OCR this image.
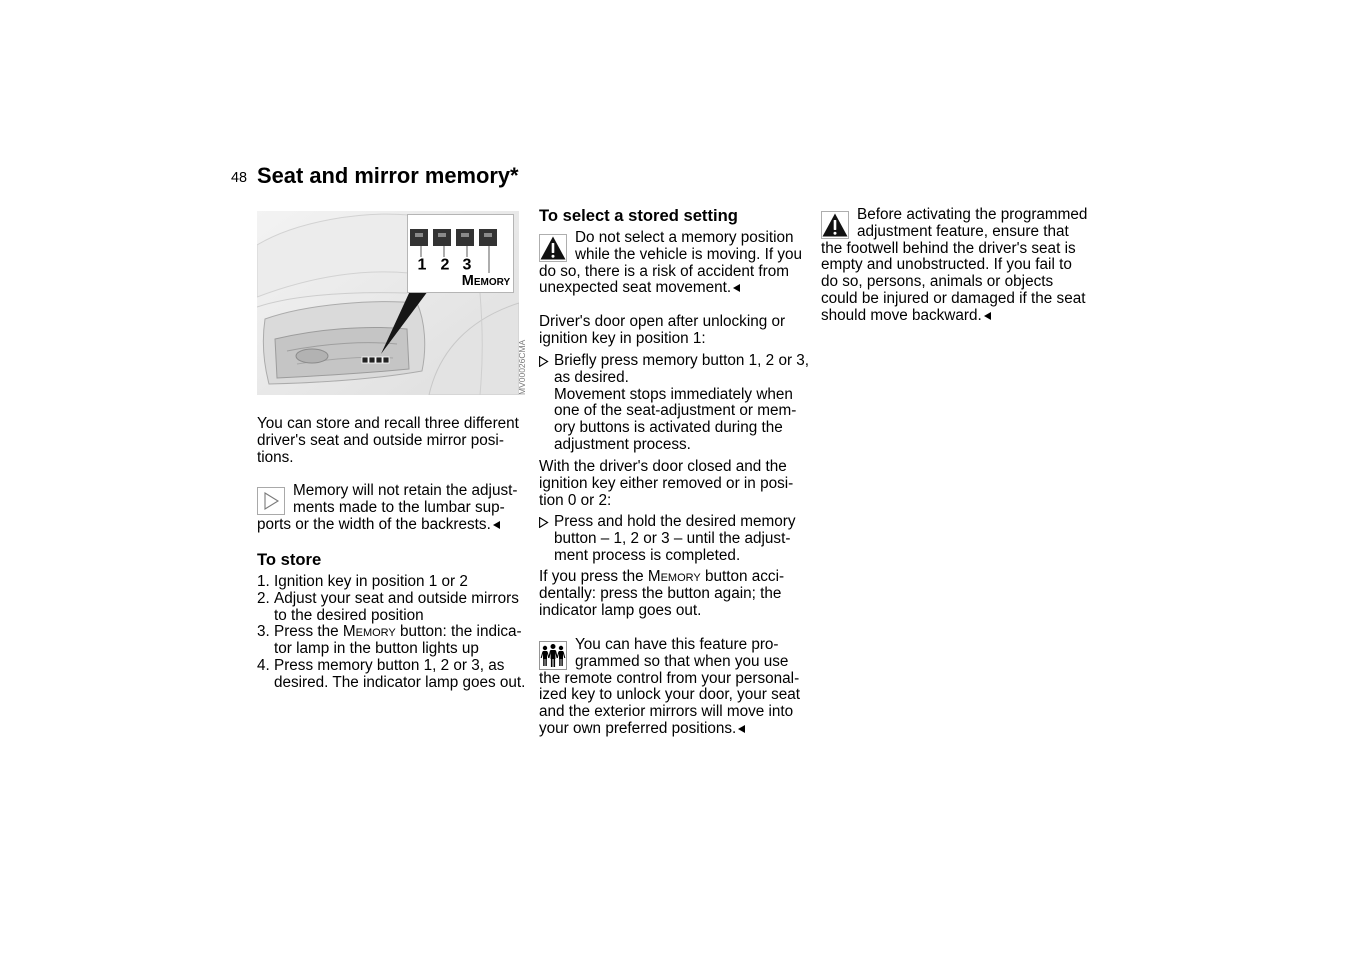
48 Seat and mirror memory*
1 2 3
Memory
MV00026CMA
You can store and recall three different
driver's seat and outside mirror posi-
tions.
Memory will not retain the adjust-
ments made to the lumbar sup-
ports or the width of the backrests.
To store
1. Ignition key in position 1 or 2
2. Adjust your seat and outside mirrors
to the desired position
3. Press the Memory button: the indica-
tor lamp in the button lights up
4. Press memory button 1, 2 or 3, as
desired. The indicator lamp goes out.
To select a stored setting
Do not select a memory position
while the vehicle is moving. If you
do so, there is a risk of accident from
unexpected seat movement.
Driver's door open after unlocking or
ignition key in position 1:
Briefly press memory button 1, 2 or 3,
as desired.
Movement stops immediately when
one of the seat-adjustment or mem-
ory buttons is activated during the
adjustment process.
With the driver's door closed and the
ignition key either removed or in posi-
tion 0 or 2:
Press and hold the desired memory
button – 1, 2 or 3 – until the adjust-
ment process is completed.
If you press the Memory button acci-
dentally: press the button again; the
indicator lamp goes out.
You can have this feature pro-
grammed so that when you use
the remote control from your personal-
ized key to unlock your door, your seat
and the exterior mirrors will move into
your own preferred positions.
Before activating the programmed
adjustment feature, ensure that
the footwell behind the driver's seat is
empty and unobstructed. If you fail to
do so, persons, animals or objects
could be injured or damaged if the seat
should move backward.
